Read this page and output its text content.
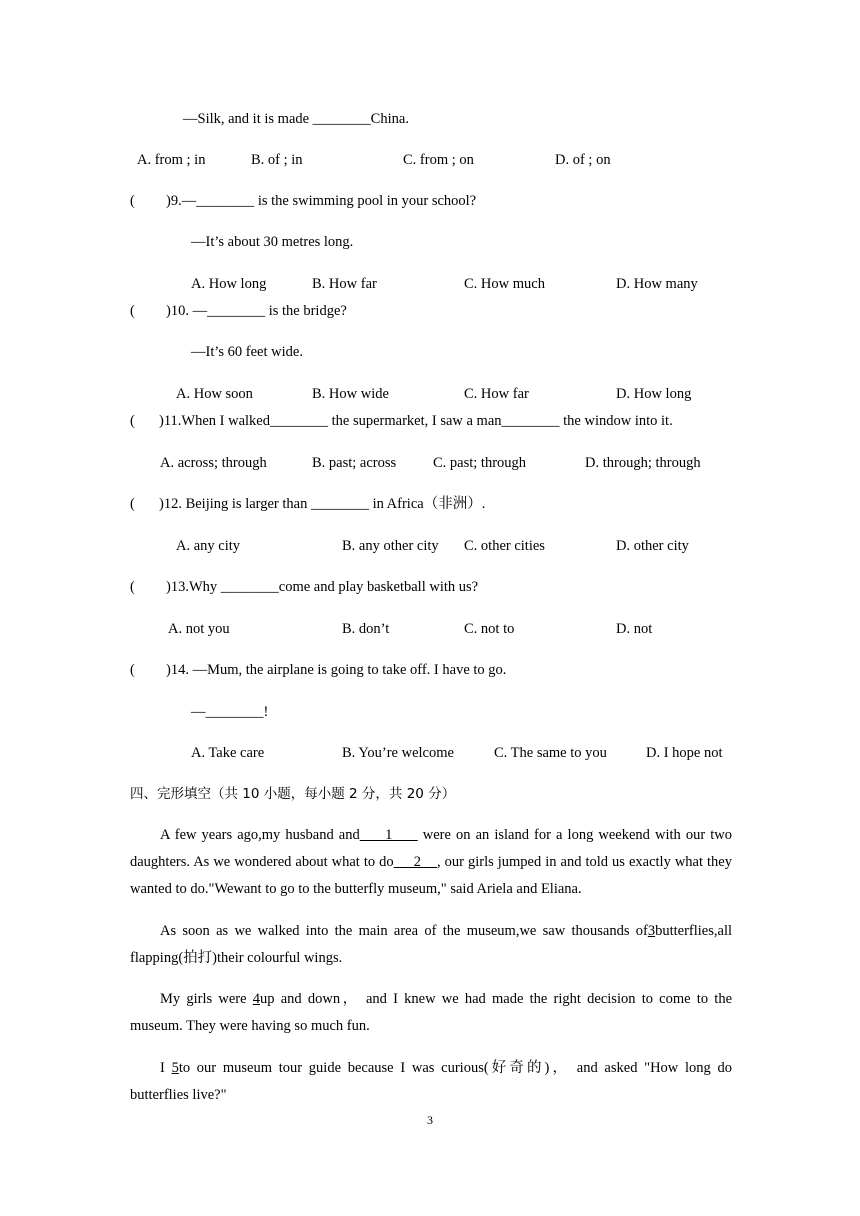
—Silk, and it is made ________China.
A. from ; in	B. of ; in	C. from ; on	D. of ; on
( )9.—________ is the swimming pool in your school?
—It’s about 30 metres long.
A. How long	B. How far	C. How much	D. How many
( )10. —________ is the bridge?
—It’s 60 feet wide.
A. How soon	B. How wide	C. How far	D. How long
( )11.When I walked________ the supermarket, I saw a man________ the window into it.
A. across; through	B. past; across	C. past; through	D. through; through
( )12. Beijing is larger than ________ in Africa（非洲）.
A. any city	B. any other city C. other cities	D. other city
( )13.Why ________come and play basketball with us?
A. not you	B. don’t	C. not to	D. not
( )14. —Mum, the airplane is going to take off. I have to go.
—________!
A. Take care	B. You’re welcome	C. The same to you	D. I hope not
四、完形填空（共 10 小题，每小题 2 分，共 20 分）
A few years ago,my husband and     1      were on an island for a long weekend with our two daughters. As we wondered about what to do     2    , our girls jumped in and told us exactly what they wanted to do."Wewant to go to the butterfly museum," said Ariela and Eliana.
As soon as we walked into the main area of the museum,we saw thousands of3butterflies,all flapping(拍打)their colourful wings.
My girls were 4up and down， and I knew we had made the right decision to come to the museum. They were having so much fun.
I 5to our museum tour guide because I was curious(好奇的)， and asked "How long do butterflies live?"
3
